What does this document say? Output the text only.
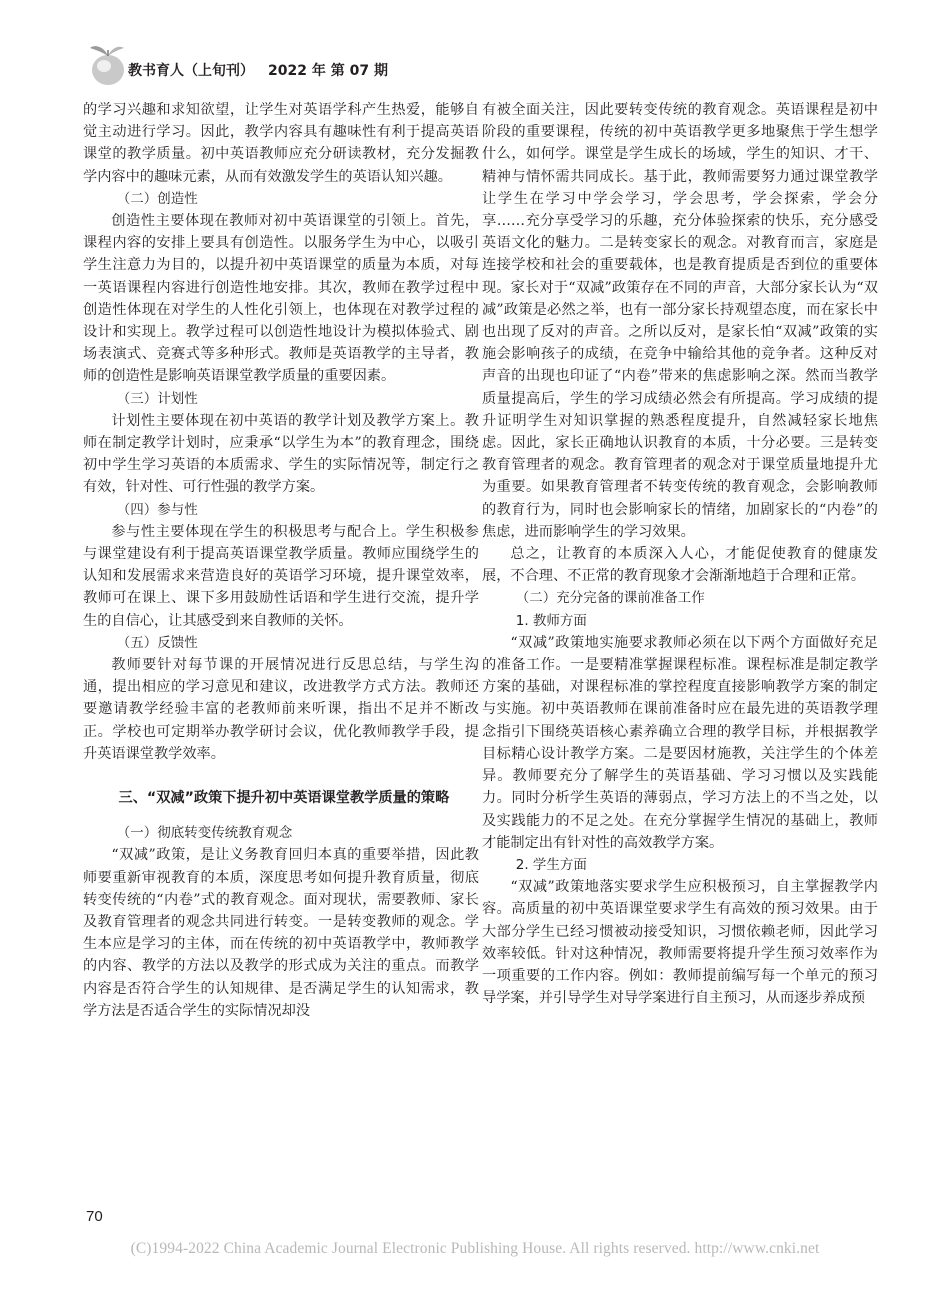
教书育人（上旬刊） 2022 年 第 07 期

的学习兴趣和求知欲望，让学生对英语学科产生热爱，能够自觉主动进行学习。因此，教学内容具有趣味性有利于提高英语课堂的教学质量。初中英语教师应充分研读教材，充分发掘教学内容中的趣味元素，从而有效激发学生的英语认知兴趣。

（二）创造性

创造性主要体现在教师对初中英语课堂的引领上。首先，课程内容的安排上要具有创造性。以服务学生为中心，以吸引学生注意力为目的，以提升初中英语课堂的质量为本质，对每一英语课程内容进行创造性地安排。其次，教师在教学过程中创造性体现在对学生的人性化引领上，也体现在对教学过程的设计和实现上。教学过程可以创造性地设计为模拟体验式、剧场表演式、竞赛式等多种形式。教师是英语教学的主导者，教师的创造性是影响英语课堂教学质量的重要因素。

（三）计划性

计划性主要体现在初中英语的教学计划及教学方案上。教师在制定教学计划时，应秉承“以学生为本”的教育理念，围绕初中学生学习英语的本质需求、学生的实际情况等，制定行之有效，针对性、可行性强的教学方案。

（四）参与性

参与性主要体现在学生的积极思考与配合上。学生积极参与课堂建设有利于提高英语课堂教学质量。教师应围绕学生的认知和发展需求来营造良好的英语学习环境，提升课堂效率，教师可在课上、课下多用鼓励性话语和学生进行交流，提升学生的自信心，让其感受到来自教师的关怀。

（五）反馈性

教师要针对每节课的开展情况进行反思总结，与学生沟通，提出相应的学习意见和建议，改进教学方式方法。教师还要邀请教学经验丰富的老教师前来听课，指出不足并不断改正。学校也可定期举办教学研讨会议，优化教师教学手段，提升英语课堂教学效率。

三、“双减”政策下提升初中英语课堂教学质量的策略

（一）彻底转变传统教育观念

“双减”政策，是让义务教育回归本真的重要举措，因此教师要重新审视教育的本质，深度思考如何提升教育质量，彻底转变传统的“内卷”式的教育观念。面对现状，需要教师、家长及教育管理者的观念共同进行转变。一是转变教师的观念。学生本应是学习的主体，而在传统的初中英语教学中，教师教学的内容、教学的方法以及教学的形式成为关注的重点。而教学内容是否符合学生的认知规律、是否满足学生的认知需求，教学方法是否适合学生的实际情况却没

有被全面关注，因此要转变传统的教育观念。英语课程是初中阶段的重要课程，传统的初中英语教学更多地聚焦于学生想学什么，如何学。课堂是学生成长的场域，学生的知识、才干、精神与情怀需共同成长。基于此，教师需要努力通过课堂教学让学生在学习中学会学习，学会思考，学会探索，学会分享……充分享受学习的乐趣，充分体验探索的快乐，充分感受英语文化的魅力。二是转变家长的观念。对教育而言，家庭是连接学校和社会的重要载体，也是教育提质是否到位的重要体现。家长对于“双减”政策存在不同的声音，大部分家长认为“双减”政策是必然之举，也有一部分家长持观望态度，而在家长中也出现了反对的声音。之所以反对，是家长怕“双减”政策的实施会影响孩子的成绩，在竞争中输给其他的竞争者。这种反对声音的出现也印证了“内卷”带来的焦虑影响之深。然而当教学质量提高后，学生的学习成绩必然会有所提高。学习成绩的提升证明学生对知识掌握的熟悉程度提升，自然减轻家长地焦虑。因此，家长正确地认识教育的本质，十分必要。三是转变教育管理者的观念。教育管理者的观念对于课堂质量地提升尤为重要。如果教育管理者不转变传统的教育观念，会影响教师的教育行为，同时也会影响家长的情绪，加剧家长的“内卷”的焦虑，进而影响学生的学习效果。

总之，让教育的本质深入人心，才能促使教育的健康发展，不合理、不正常的教育现象才会渐渐地趋于合理和正常。

（二）充分完备的课前准备工作

1. 教师方面

“双减”政策地实施要求教师必须在以下两个方面做好充足的准备工作。一是要精准掌握课程标准。课程标准是制定教学方案的基础，对课程标准的掌控程度直接影响教学方案的制定与实施。初中英语教师在课前准备时应在最先进的英语教学理念指引下围绕英语核心素养确立合理的教学目标，并根据教学目标精心设计教学方案。二是要因材施教，关注学生的个体差异。教师要充分了解学生的英语基础、学习习惯以及实践能力。同时分析学生英语的薄弱点，学习方法上的不当之处，以及实践能力的不足之处。在充分掌握学生情况的基础上，教师才能制定出有针对性的高效教学方案。

2. 学生方面

“双减”政策地落实要求学生应积极预习，自主掌握教学内容。高质量的初中英语课堂要求学生有高效的预习效果。由于大部分学生已经习惯被动接受知识，习惯依赖老师，因此学习效率较低。针对这种情况，教师需要将提升学生预习效率作为一项重要的工作内容。例如：教师提前编写每一个单元的预习导学案，并引导学生对导学案进行自主预习，从而逐步养成预

70
(C)1994-2022 China Academic Journal Electronic Publishing House. All rights reserved. http://www.cnki.net
